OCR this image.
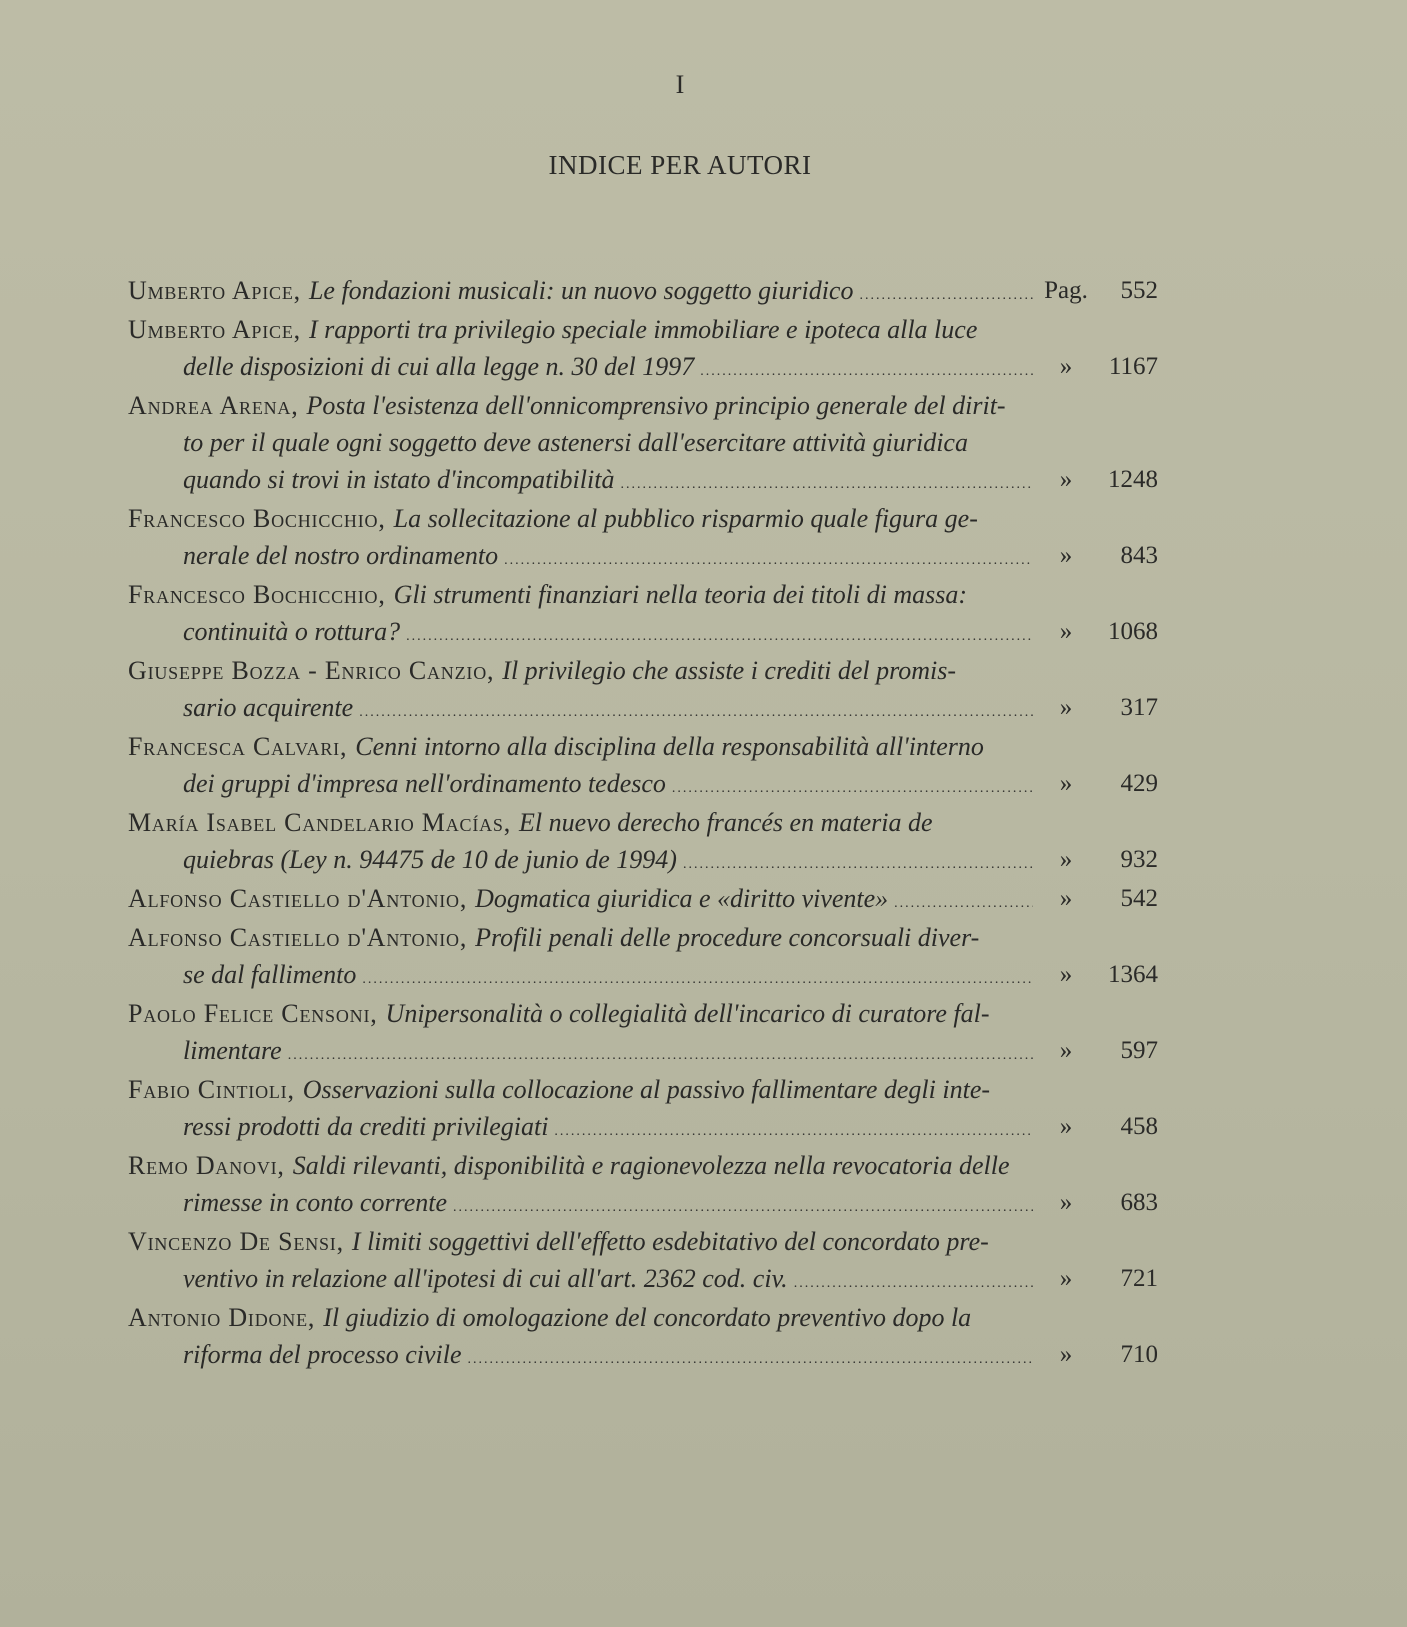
I
INDICE PER AUTORI
Umberto Apice, Le fondazioni musicali: un nuovo soggetto giuridico .....	Pag.	552
Umberto Apice, I rapporti tra privilegio speciale immobiliare e ipoteca alla luce
delle disposizioni di cui alla legge n. 30 del 1997 .....	»	1167
Andrea Arena, Posta l'esistenza dell'onnicomprensivo principio generale del dirit-
to per il quale ogni soggetto deve astenersi dall'esercitare attività giuridica
quando si trovi in istato d'incompatibilità .....	»	1248
Francesco Bochicchio, La sollecitazione al pubblico risparmio quale figura ge-
nerale del nostro ordinamento .....	»	843
Francesco Bochicchio, Gli strumenti finanziari nella teoria dei titoli di massa:
continuità o rottura? .....	»	1068
Giuseppe Bozza - Enrico Canzio, Il privilegio che assiste i crediti del promis-
sario acquirente .....	»	317
Francesca Calvari, Cenni intorno alla disciplina della responsabilità all'interno
dei gruppi d'impresa nell'ordinamento tedesco .....	»	429
María Isabel Candelario Macías, El nuevo derecho francés en materia de
quiebras (Ley n. 94475 de 10 de junio de 1994) .....	»	932
Alfonso Castiello d'Antonio, Dogmatica giuridica e «diritto vivente» .....	»	542
Alfonso Castiello d'Antonio, Profili penali delle procedure concorsuali diver-
se dal fallimento .....	»	1364
Paolo Felice Censoni, Unipersonalità o collegialità dell'incarico di curatore fal-
limentare .....	»	597
Fabio Cintioli, Osservazioni sulla collocazione al passivo fallimentare degli inte-
ressi prodotti da crediti privilegiati .....	»	458
Remo Danovi, Saldi rilevanti, disponibilità e ragionevolezza nella revocatoria delle
rimesse in conto corrente .....	»	683
Vincenzo De Sensi, I limiti soggettivi dell'effetto esdebitativo del concordato pre-
ventivo in relazione all'ipotesi di cui all'art. 2362 cod. civ. .....	»	721
Antonio Didone, Il giudizio di omologazione del concordato preventivo dopo la
riforma del processo civile .....	»	710
